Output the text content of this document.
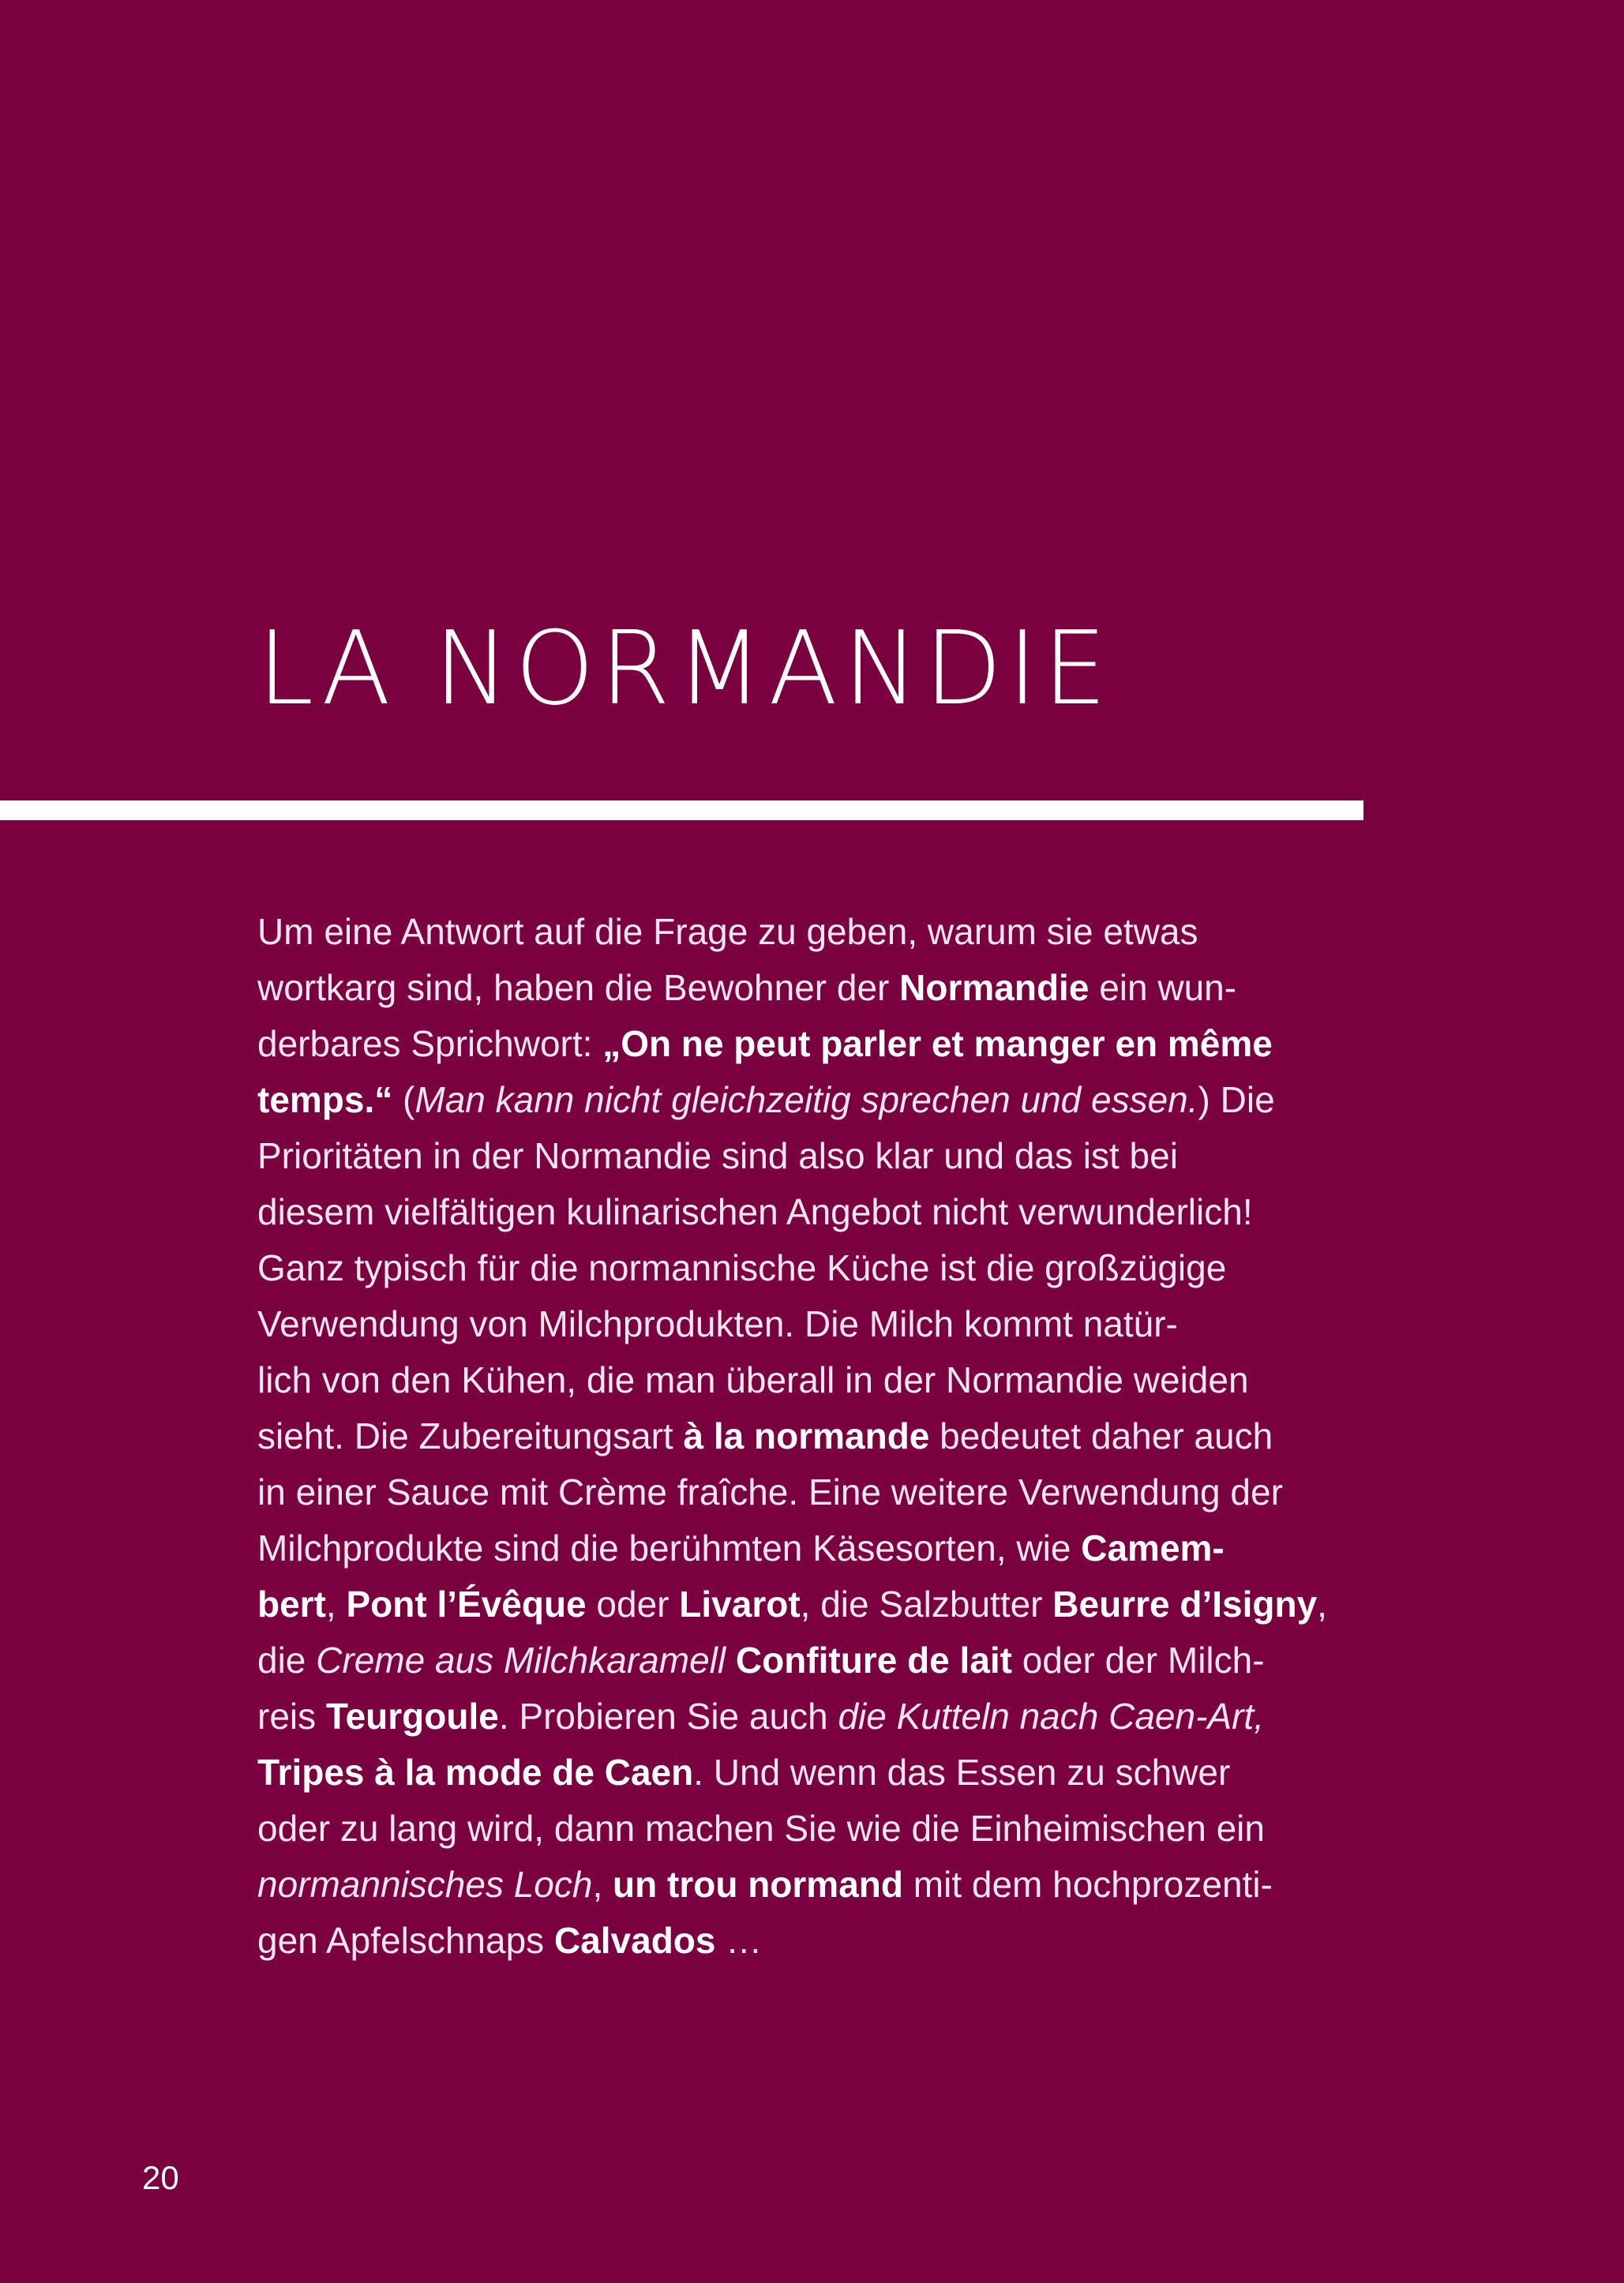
LA NORMANDIE
Um eine Antwort auf die Frage zu geben, warum sie etwas
wortkarg sind, haben die Bewohner der Normandie ein wun-
derbares Sprichwort: „On ne peut parler et manger en même
temps.“ (Man kann nicht gleichzeitig sprechen und essen.) Die
Prioritäten in der Normandie sind also klar und das ist bei
diesem vielfältigen kulinarischen Angebot nicht verwunderlich!
Ganz typisch für die normannische Küche ist die großzügige
Verwendung von Milchprodukten. Die Milch kommt natür-
lich von den Kühen, die man überall in der Normandie weiden
sieht. Die Zubereitungsart à la normande bedeutet daher auch
in einer Sauce mit Crème fraîche. Eine weitere Verwendung der
Milchprodukte sind die berühmten Käsesorten, wie Camem-
bert, Pont l’Évêque oder Livarot, die Salzbutter Beurre d’Isigny,
die Creme aus Milchkaramell Confiture de lait oder der Milch-
reis Teurgoule. Probieren Sie auch die Kutteln nach Caen-Art,
Tripes à la mode de Caen. Und wenn das Essen zu schwer
oder zu lang wird, dann machen Sie wie die Einheimischen ein
normannisches Loch, un trou normand mit dem hochprozenti-
gen Apfelschnaps Calvados …
20
